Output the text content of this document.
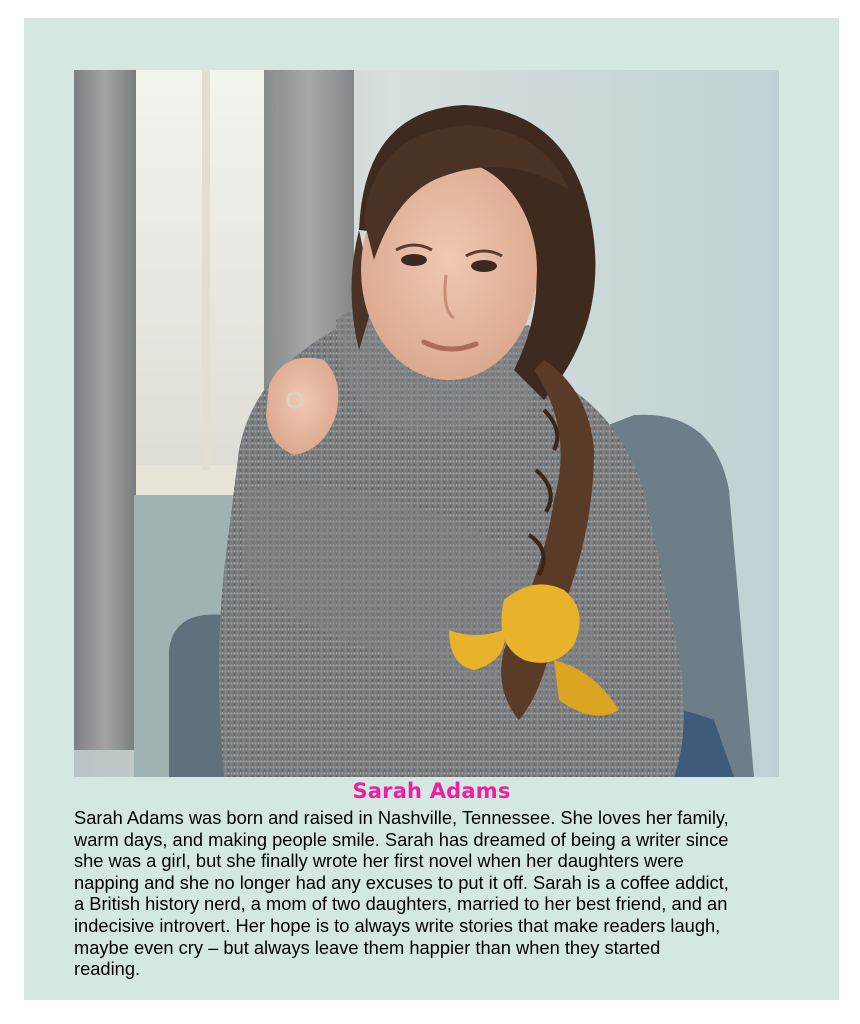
Sarah Adams

Sarah Adams was born and raised in Nashville, Tennessee. She loves her family,
warm days, and making people smile. Sarah has dreamed of being a writer since
she was a girl, but she finally wrote her first novel when her daughters were
napping and she no longer had any excuses to put it off. Sarah is a coffee addict,
a British history nerd, a mom of two daughters, married to her best friend, and an
indecisive introvert. Her hope is to always write stories that make readers laugh,
maybe even cry – but always leave them happier than when they started
reading.
